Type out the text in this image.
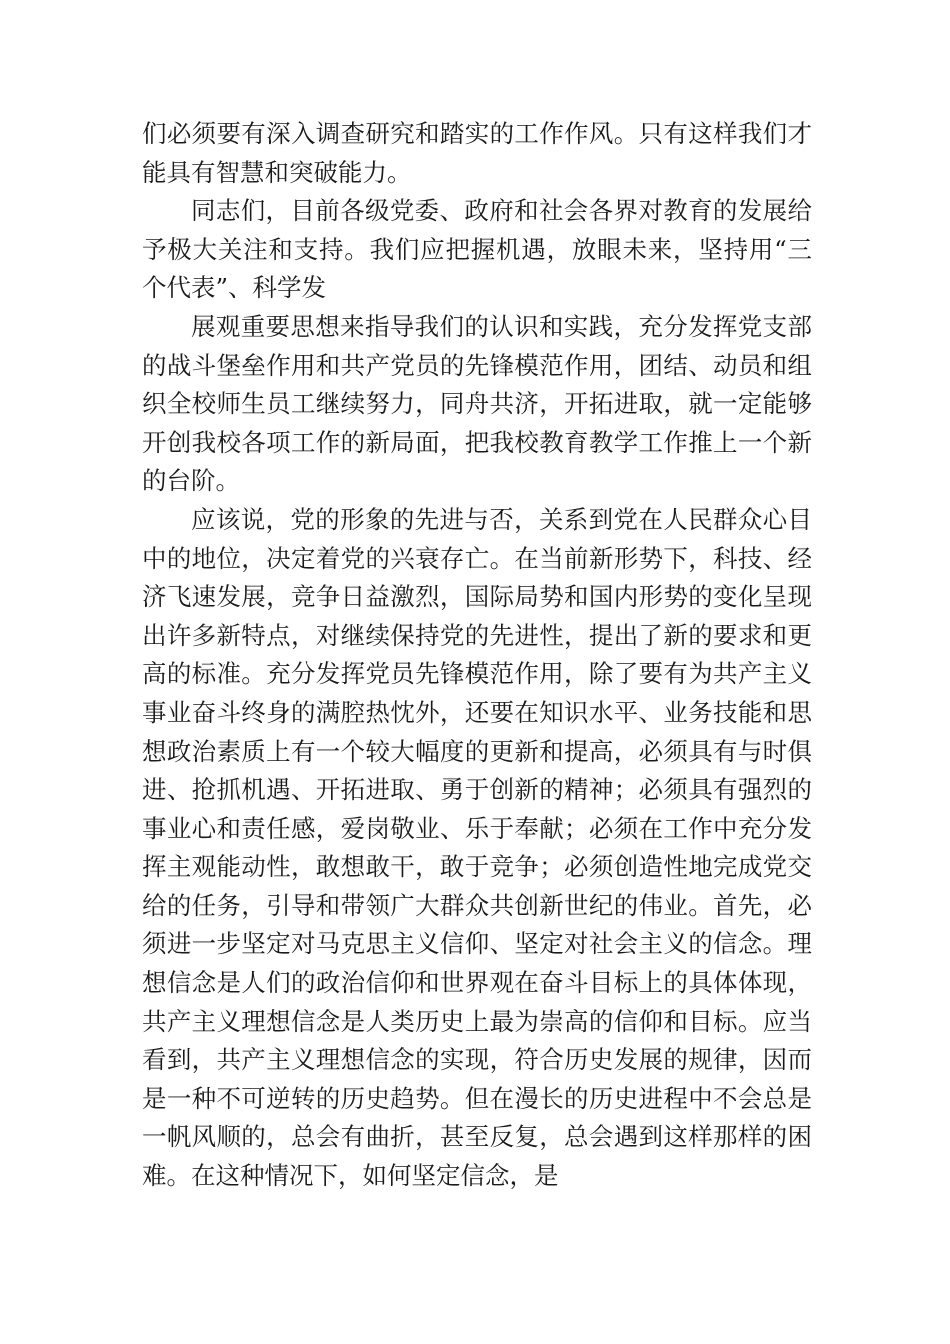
们必须要有深入调查研究和踏实的工作作风。只有这样我们才能具有智慧和突破能力。

同志们，目前各级党委、政府和社会各界对教育的发展给予极大关注和支持。我们应把握机遇，放眼未来，坚持用“三个代表”、科学发

展观重要思想来指导我们的认识和实践，充分发挥党支部的战斗堡垒作用和共产党员的先锋模范作用，团结、动员和组织全校师生员工继续努力，同舟共济，开拓进取，就一定能够开创我校各项工作的新局面，把我校教育教学工作推上一个新的台阶。

应该说，党的形象的先进与否，关系到党在人民群众心目中的地位，决定着党的兴衰存亡。在当前新形势下，科技、经济飞速发展，竞争日益激烈，国际局势和国内形势的变化呈现出许多新特点，对继续保持党的先进性，提出了新的要求和更高的标准。充分发挥党员先锋模范作用，除了要有为共产主义事业奋斗终身的满腔热忱外，还要在知识水平、业务技能和思想政治素质上有一个较大幅度的更新和提高，必须具有与时俱进、抢抓机遇、开拓进取、勇于创新的精神；必须具有强烈的事业心和责任感，爱岗敬业、乐于奉献；必须在工作中充分发挥主观能动性，敢想敢干，敢于竞争；必须创造性地完成党交给的任务，引导和带领广大群众共创新世纪的伟业。首先，必须进一步坚定对马克思主义信仰、坚定对社会主义的信念。理想信念是人们的政治信仰和世界观在奋斗目标上的具体体现，共产主义理想信念是人类历史上最为崇高的信仰和目标。应当看到，共产主义理想信念的实现，符合历史发展的规律，因而是一种不可逆转的历史趋势。但在漫长的历史进程中不会总是一帆风顺的，总会有曲折，甚至反复，总会遇到这样那样的困难。在这种情况下，如何坚定信念，是
